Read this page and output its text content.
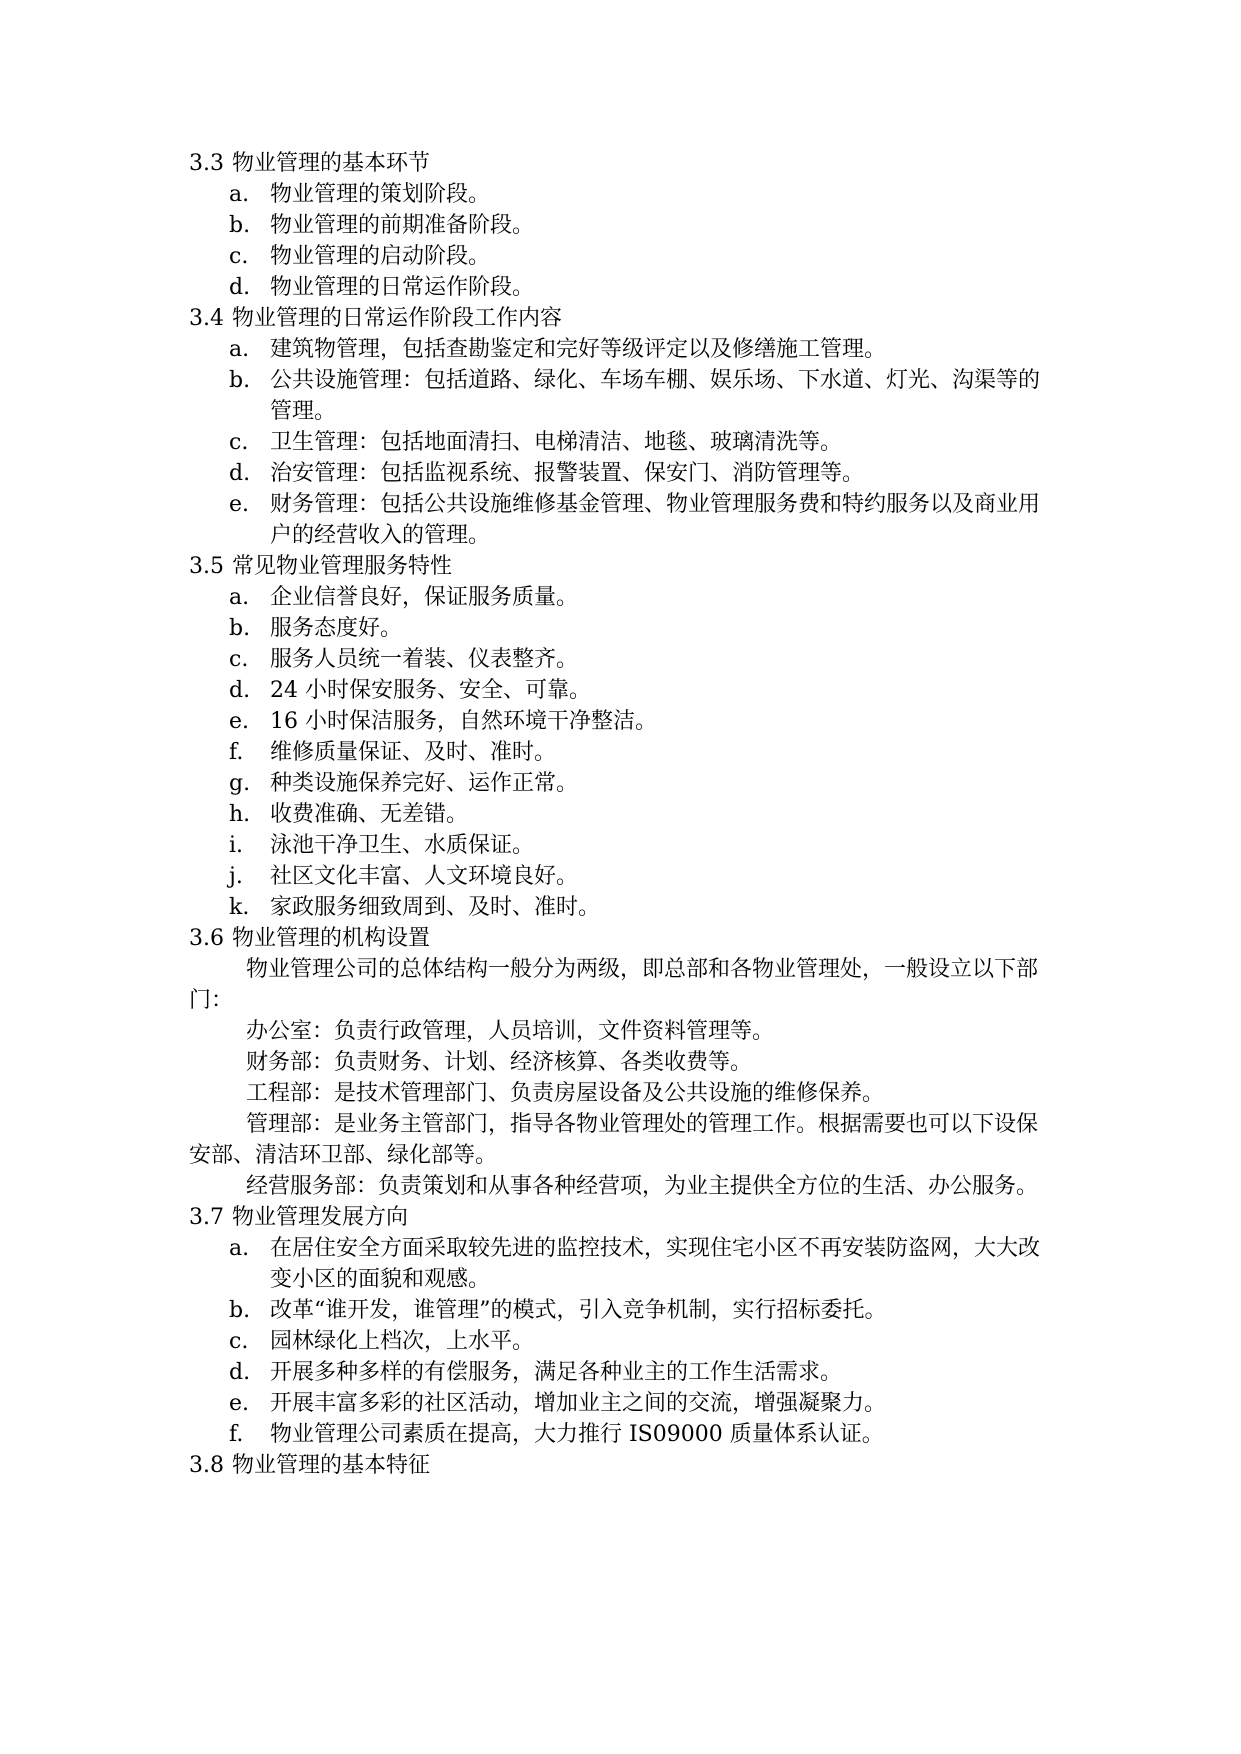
3.3 物业管理的基本环节
a. 物业管理的策划阶段。
b. 物业管理的前期准备阶段。
c. 物业管理的启动阶段。
d. 物业管理的日常运作阶段。
3.4 物业管理的日常运作阶段工作内容
a. 建筑物管理，包括查勘鉴定和完好等级评定以及修缮施工管理。
b. 公共设施管理：包括道路、绿化、车场车棚、娱乐场、下水道、灯光、沟渠等的管理。
c. 卫生管理：包括地面清扫、电梯清洁、地毯、玻璃清洗等。
d. 治安管理：包括监视系统、报警装置、保安门、消防管理等。
e. 财务管理：包括公共设施维修基金管理、物业管理服务费和特约服务以及商业用户的经营收入的管理。
3.5 常见物业管理服务特性
a. 企业信誉良好，保证服务质量。
b. 服务态度好。
c. 服务人员统一着装、仪表整齐。
d. 24 小时保安服务、安全、可靠。
e. 16 小时保洁服务，自然环境干净整洁。
f.	维修质量保证、及时、准时。
g. 种类设施保养完好、运作正常。
h. 收费准确、无差错。
i.	泳池干净卫生、水质保证。
j.	社区文化丰富、人文环境良好。
k. 家政服务细致周到、及时、准时。
3.6 物业管理的机构设置

物业管理公司的总体结构一般分为两级，即总部和各物业管理处，一般设立以下部门：

办公室：负责行政管理，人员培训，文件资料管理等。

财务部：负责财务、计划、经济核算、各类收费等。

工程部：是技术管理部门、负责房屋设备及公共设施的维修保养。

管理部：是业务主管部门，指导各物业管理处的管理工作。根据需要也可以下设保安部、清洁环卫部、绿化部等。

经营服务部：负责策划和从事各种经营项，为业主提供全方位的生活、办公服务。

3.7 物业管理发展方向
a. 在居住安全方面采取较先进的监控技术，实现住宅小区不再安装防盗网，大大改变小区的面貌和观感。
b. 改革“谁开发，谁管理”的模式，引入竞争机制，实行招标委托。
c. 园林绿化上档次，上水平。
d. 开展多种多样的有偿服务，满足各种业主的工作生活需求。
e. 开展丰富多彩的社区活动，增加业主之间的交流，增强凝聚力。
f.	物业管理公司素质在提高，大力推行 IS09000 质量体系认证。
3.8 物业管理的基本特征
